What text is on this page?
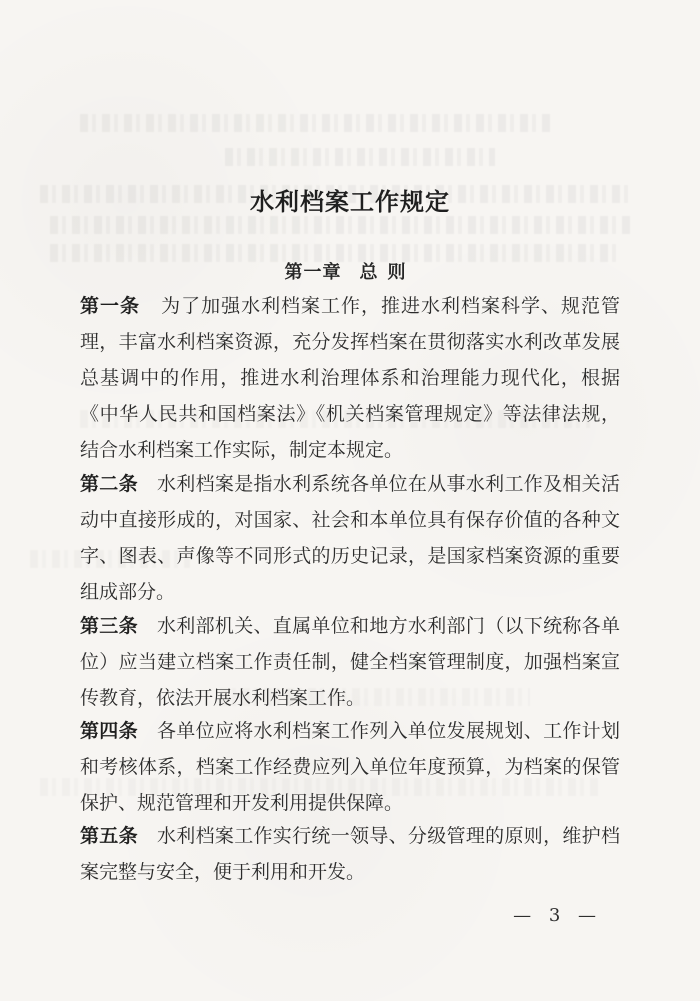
水利档案工作规定
第一章 总则
第一条 为了加强水利档案工作，推进水利档案科学、规范管理，丰富水利档案资源，充分发挥档案在贯彻落实水利改革发展总基调中的作用，推进水利治理体系和治理能力现代化，根据《中华人民共和国档案法》《机关档案管理规定》等法律法规，结合水利档案工作实际，制定本规定。
第二条 水利档案是指水利系统各单位在从事水利工作及相关活动中直接形成的，对国家、社会和本单位具有保存价值的各种文字、图表、声像等不同形式的历史记录，是国家档案资源的重要组成部分。
第三条 水利部机关、直属单位和地方水利部门（以下统称各单位）应当建立档案工作责任制，健全档案管理制度，加强档案宣传教育，依法开展水利档案工作。
第四条 各单位应将水利档案工作列入单位发展规划、工作计划和考核体系，档案工作经费应列入单位年度预算，为档案的保管保护、规范管理和开发利用提供保障。
第五条 水利档案工作实行统一领导、分级管理的原则，维护档案完整与安全，便于利用和开发。
— 3 —
